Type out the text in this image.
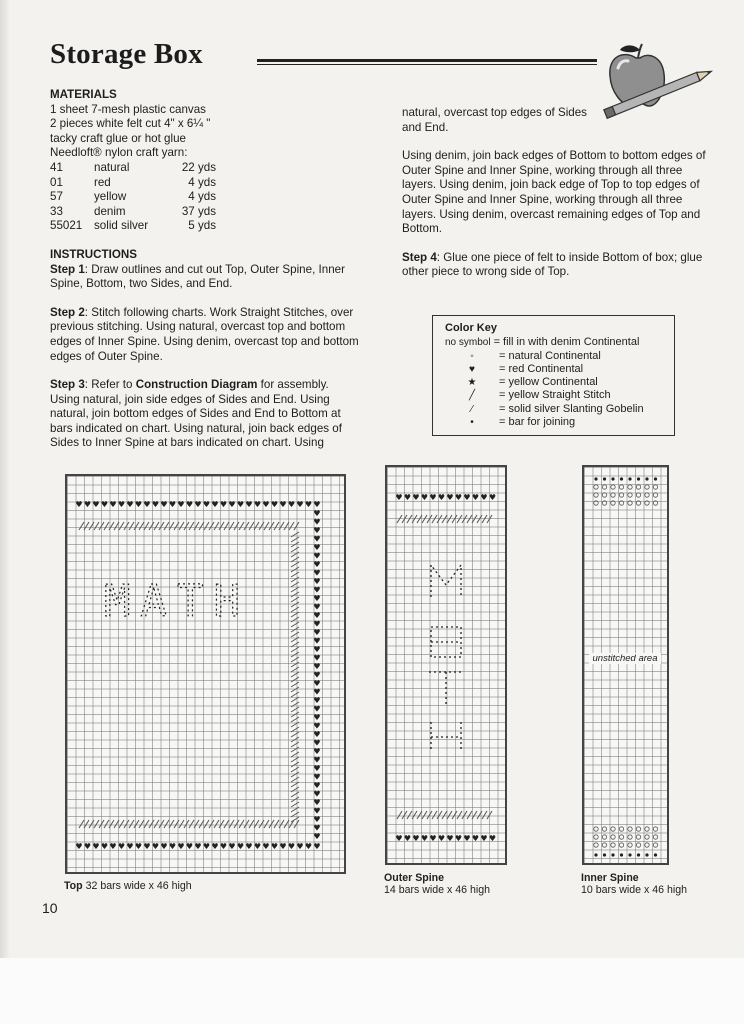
Storage Box
MATERIALS
1 sheet 7-mesh plastic canvas
2 pieces white felt cut 4" x 6¼ "
tacky craft glue or hot glue
Needloft® nylon craft yarn:
41	natural	22 yds
01	red	4 yds
57	yellow	4 yds
33	denim	37 yds
55021	solid silver	5 yds
INSTRUCTIONS

Step 1: Draw outlines and cut out Top, Outer Spine, Inner Spine, Bottom, two Sides, and End.

Step 2: Stitch following charts. Work Straight Stitches, over previous stitching. Using natural, overcast top and bottom edges of Inner Spine. Using denim, overcast top and bottom edges of Outer Spine.

Step 3: Refer to Construction Diagram for assembly. Using natural, join side edges of Sides and End. Using natural, join bottom edges of Sides and End to Bottom at bars indicated on chart. Using natural, join back edges of Sides to Inner Spine at bars indicated on chart. Using

natural, overcast top edges of Sides and End.

Using denim, join back edges of Bottom to bottom edges of Outer Spine and Inner Spine, working through all three layers. Using denim, join back edge of Top to top edges of Outer Spine and Inner Spine, working through all three layers. Using denim, overcast remaining edges of Top and Bottom.

Step 4: Glue one piece of felt to inside Bottom of box; glue other piece to wrong side of Top.

Color Key
no symbol = fill in with denim Continental
◦ = natural Continental
♥ = red Continental
★ = yellow Continental
╱ = yellow Straight Stitch
⁄ = solid silver Slanting Gobelin
• = bar for joining
♥ ♥ ♥ ♥ ♥ ♥ ♥ ♥ ♥ ♥ ♥ ♥ ♥ ♥ ♥ ♥ ♥ ♥ ♥ ♥ ♥ ♥ ♥ ♥ ♥ ♥ ♥ ♥ ♥
♥ ♥ ♥ ♥ ♥ ♥ ♥ ♥ ♥ ♥ ♥ ♥ ♥ ♥ ♥ ♥ ♥ ♥ ♥ ♥ ♥ ♥ ♥ ♥ ♥ ♥ ♥ ♥ ♥
♥
♥
♥
♥
♥
♥
♥
♥
♥
♥
♥
♥
♥
♥
♥
♥
♥
♥
♥
♥
♥
♥
♥
♥
♥
♥
♥
♥
♥
♥
♥
♥
♥
♥
♥
♥
♥
♥
♥
MATH
Top 32 bars wide x 46 high
♥ ♥ ♥ ♥ ♥ ♥ ♥ ♥ ♥ ♥ ♥ ♥
♥ ♥ ♥ ♥ ♥ ♥ ♥ ♥ ♥ ♥ ♥ ♥
Outer Spine
14 bars wide x 46 high
unstitched area
Inner Spine
10 bars wide x 46 high
10
